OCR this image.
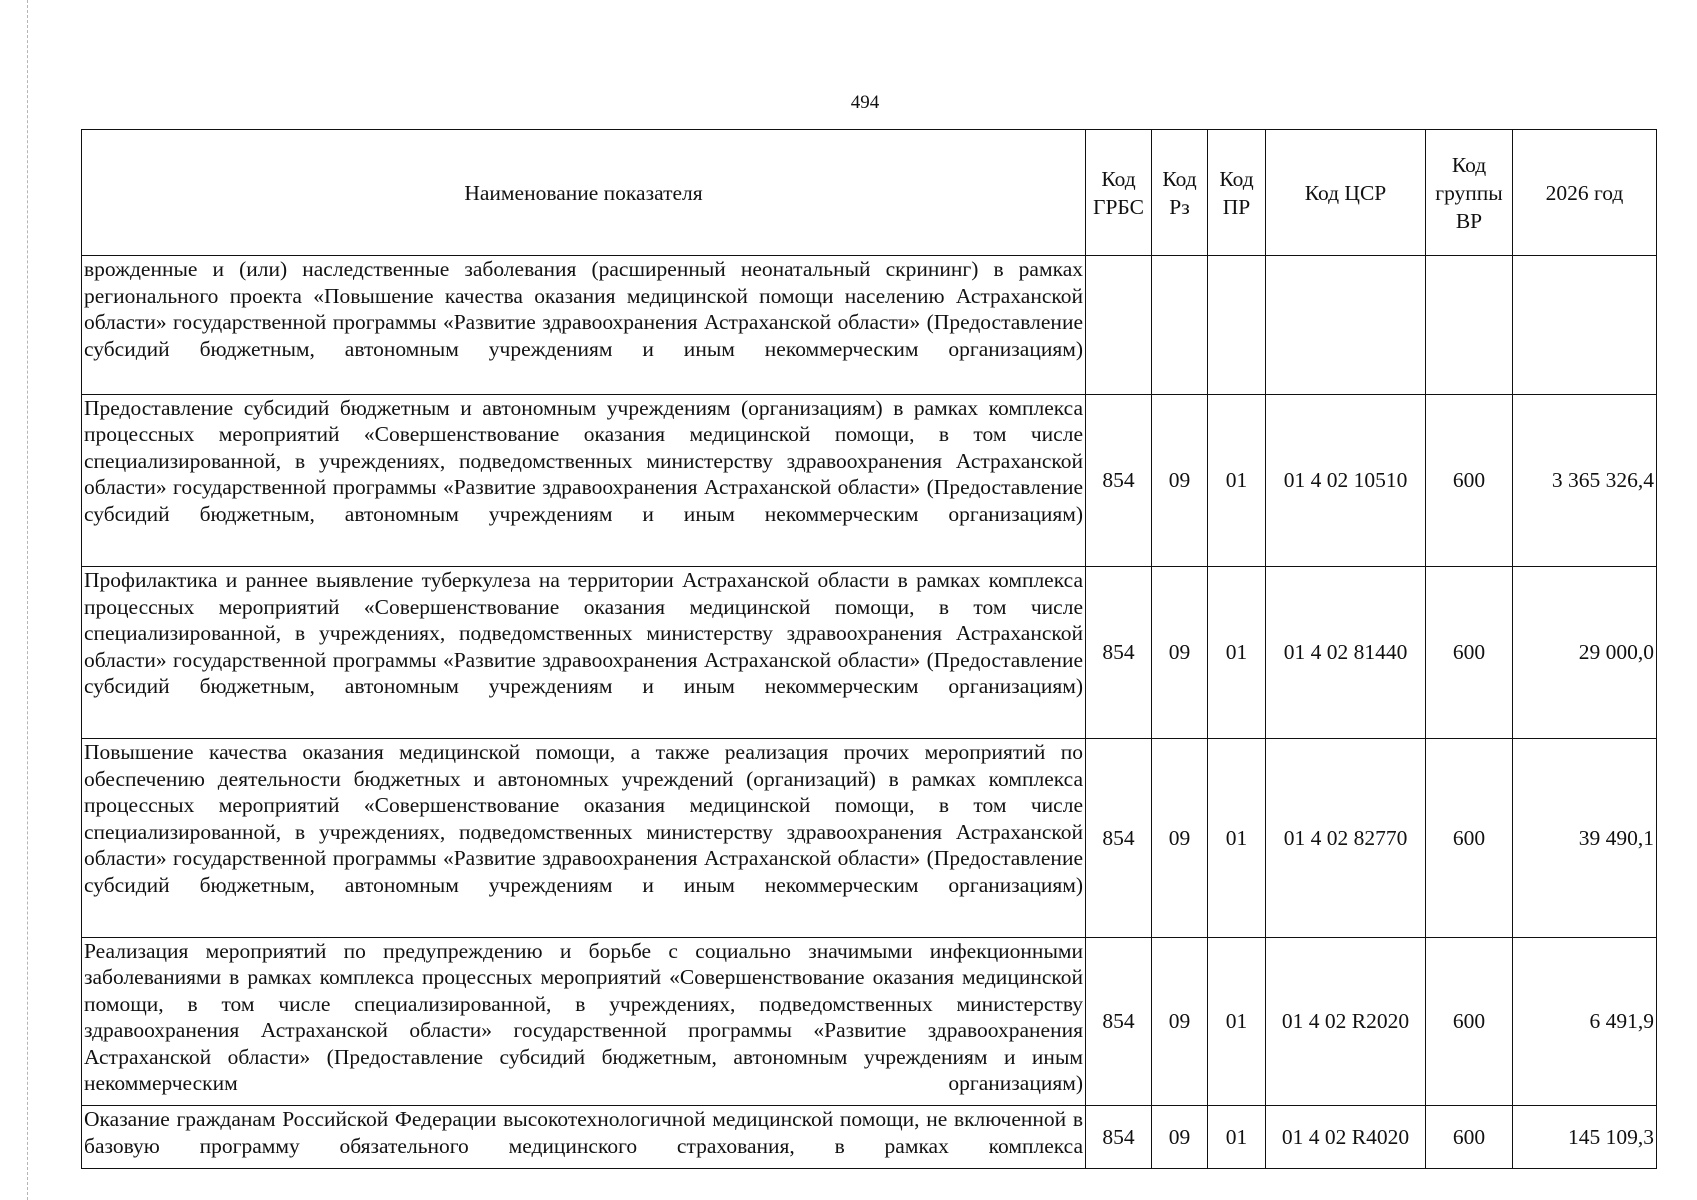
494
Наименование показателя	Код ГРБС	Код Рз	Код ПР	Код ЦСР	Код группы ВР	2026 год
врожденные и (или) наследственные заболевания (расширенный неонатальный скрининг) в рамках регионального проекта «Повышение качества оказания медицинской помощи населению Астраханской области» государственной программы «Развитие здравоохранения Астраханской области» (Предоставление субсидий бюджетным, автономным учреждениям и иным некоммерческим организациям)						
Предоставление субсидий бюджетным и автономным учреждениям (организациям) в рамках комплекса процессных мероприятий «Совершенствование оказания медицинской помощи, в том числе специализированной, в учреждениях, подведомственных министерству здравоохранения Астраханской области» государственной программы «Развитие здравоохранения Астраханской области» (Предоставление субсидий бюджетным, автономным учреждениям и иным некоммерческим организациям)	854	09	01	01 4 02 10510	600	3 365 326,4
Профилактика и раннее выявление туберкулеза на территории Астраханской области в рамках комплекса процессных мероприятий «Совершенствование оказания медицинской помощи, в том числе специализированной, в учреждениях, подведомственных министерству здравоохранения Астраханской области» государственной программы «Развитие здравоохранения Астраханской области» (Предоставление субсидий бюджетным, автономным учреждениям и иным некоммерческим организациям)	854	09	01	01 4 02 81440	600	29 000,0
Повышение качества оказания медицинской помощи, а также реализация прочих мероприятий по обеспечению деятельности бюджетных и автономных учреждений (организаций) в рамках комплекса процессных мероприятий «Совершенствование оказания медицинской помощи, в том числе специализированной, в учреждениях, подведомственных министерству здравоохранения Астраханской области» государственной программы «Развитие здравоохранения Астраханской области» (Предоставление субсидий бюджетным, автономным учреждениям и иным некоммерческим организациям)	854	09	01	01 4 02 82770	600	39 490,1
Реализация мероприятий по предупреждению и борьбе с социально значимыми инфекционными заболеваниями в рамках комплекса процессных мероприятий «Совершенствование оказания медицинской помощи, в том числе специализированной, в учреждениях, подведомственных министерству здравоохранения Астраханской области» государственной программы «Развитие здравоохранения Астраханской области» (Предоставление субсидий бюджетным, автономным учреждениям и иным некоммерческим организациям)	854	09	01	01 4 02 R2020	600	6 491,9
Оказание гражданам Российской Федерации высокотехнологичной медицинской помощи, не включенной в базовую программу обязательного медицинского страхования, в рамках комплекса	854	09	01	01 4 02 R4020	600	145 109,3
